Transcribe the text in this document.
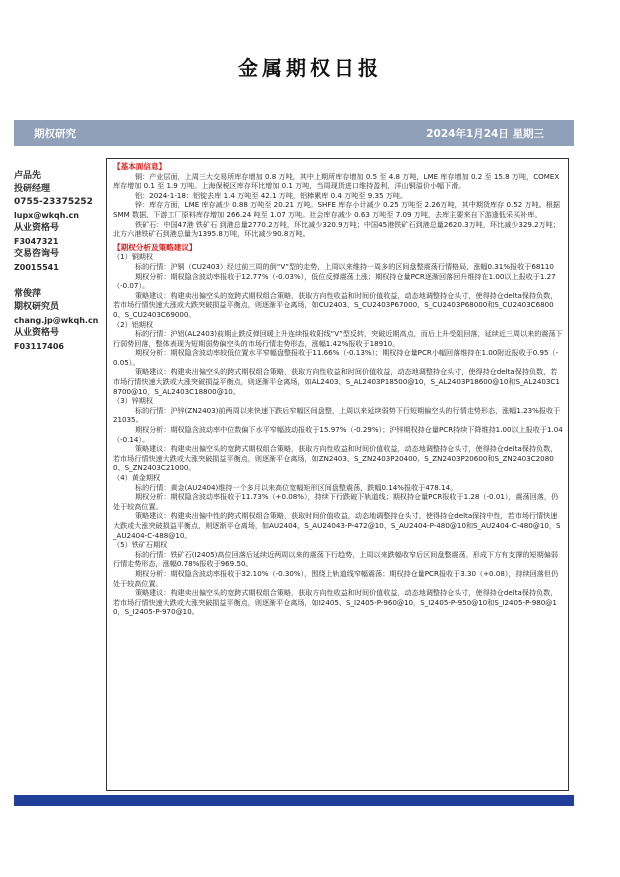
金属期权日报
期权研究	2024年1月24日 星期三
卢品先
投研经理
0755-23375252
lupx@wkqh.cn
从业资格号
F3047321
交易咨询号
Z0015541
常俊萍
期权研究员
chang.jp@wkqh.cn
从业资格号
F03117406
【基本面信息】

铜：产业层面，上周三大交易所库存增加 0.8 万吨，其中上期所库存增加 0.5 至 4.8 万吨，LME 库存增加 0.2 至 15.8 万吨，COMEX库存增加 0.1 至 1.9 万吨。上海保税区库存环比增加 0.1 万吨，当周现货进口维持盈利，洋山铜溢价小幅下滑。

铝：2024-1-18：铝锭去库 1.4 万吨至 42.1 万吨，铝棒累库 0.4 万吨至 9.35 万吨。

锌：库存方面，LME 库存减少 0.88 万吨至 20.21 万吨。SHFE 库存小计减少 0.25 万吨至 2.26万吨，其中期货库存 0.52 万吨。根据 SMM 数据，下游工厂原料库存增加 266.24 吨至 1.07 万吨。社会库存减少 0.63 万吨至 7.09 万吨，去库主要来自下游逢低采买补库。

铁矿石：中国47港 铁矿石 到港总量2770.2万吨，环比减少320.9万吨；中国45港铁矿石到港总量2620.3万吨，环比减少329.2万吨；北方六港铁矿石到港总量为1395.8万吨，环比减少90.8万吨。

【期权分析及策略建议】

（1）铜期权

标的行情：沪铜（CU2403）经过前三周的倒“V”型的走势，上周以来维持一周多的区间盘整震荡行情格局，涨幅0.31%报收于68110

期权分析：期权隐含波动率报收于12.77%（-0.03%），低位反弹震荡上涨；期权持仓量PCR逐渐回落回升维持在1.00以上报收于1.27（-0.07）。

策略建议：构建卖出偏空头的宽跨式期权组合策略，获取方向性收益和时间价值收益，动态地调整持仓头寸，使得持仓delta保持负数，若市场行情快速大涨或大跌突破损益平衡点，则逐渐平仓离场，如CU2403、S_CU2403P67000、S_CU2403P68000和S_CU2403C68000、S_CU2403C69000。

（2）铝期权

标的行情：沪铝(AL2403)前期止跌反弹回暖上升连续报收阳线“V”型反转，突破近期高点，而后上升受阻回落，延续近三周以来的震荡下行弱势回落，整体表现为短期弱势偏空头的市场行情走势形态，涨幅1.42%报收于18910。

期权分析：期权隐含波动率较低位置水平窄幅盘整报收于11.66%（-0.13%）；期权持仓量PCR小幅回落维持在1.00附近报收于0.95（-0.05）。

策略建议：构建卖出偏空头的跨式期权组合策略，获取方向性收益和时间价值收益，动态地调整持仓头寸，使得持仓delta保持负数，若市场行情快速大跌或大涨突破损益平衡点，则逐渐平仓离场，如AL2403、S_AL2403P18500@10，S_AL2403P18600@10和S_AL2403C18700@10，S_AL2403C18800@10。

（3）锌期权

标的行情：沪锌(ZN2403)前两周以来快速下跌后窄幅区间盘整，上周以来延续弱势下行短期偏空头的行情走势形态，涨幅1.23%报收于21035。

期权分析：期权隐含波动率中位数偏下水平窄幅波动报收于15.97%（-0.29%）；沪锌期权持仓量PCR持续下降维持1.00以上报收于1.04（-0.14）。

策略建议：构建卖出偏空头的宽跨式期权组合策略，获取方向性收益和时间价值收益，动态地调整持仓头寸，使得持仓delta保持负数，若市场行情快速大跌或大涨突破损益平衡点，则逐渐平仓离场，如ZN2403、S_ZN2403P20400、S_ZN2403P20600和S_ZN2403C20800、S_ZN2403C21000。

（4）黄金期权

标的行情：黄金(AU2404)维持一个多月以来高位宽幅矩形区间盘整震荡，跌幅0.14%报收于478.14。

期权分析：期权隐含波动率报收于11.73%（+0.08%），持续下行跌破下轨道线；期权持仓量PCR报收于1.28（-0.01），震荡回落，仍处于较高位置。

策略建议：构建卖出偏中性的跨式期权组合策略，获取时间价值收益，动态地调整持仓头寸，使得持仓delta保持中性，若市场行情快速大跌或大涨突破损益平衡点，则逐渐平仓离场，如AU2404、S_AU24043-P-472@10、S_AU2404-P-480@10和S_AU2404-C-480@10，S_AU2404-C-488@10。

（5）铁矿石期权

标的行情：铁矿石(I2405)高位回落后延续近两周以来的震荡下行趋势，上周以来跌幅收窄后区间盘整震荡，形成下方有支撑的短期偏弱行情走势形态，涨幅0.78%报收于969.50。

期权分析：期权隐含波动率报收于32.10%（-0.30%），围绕上轨道线窄幅震荡；期权持仓量PCR报收于3.30（+0.08），持续回落但仍处于较高位置。

策略建议：构建卖出偏空头的宽跨式期权组合策略，获取方向性收益和时间价值收益，动态地调整持仓头寸，使得持仓delta保持负数，若市场行情快速大跌或大涨突破损益平衡点，则逐渐平仓离场，如I2405、S_I2405-P-960@10，S_I2405-P-950@10和S_I2405-P-980@10，S_I2405-P-970@10。
